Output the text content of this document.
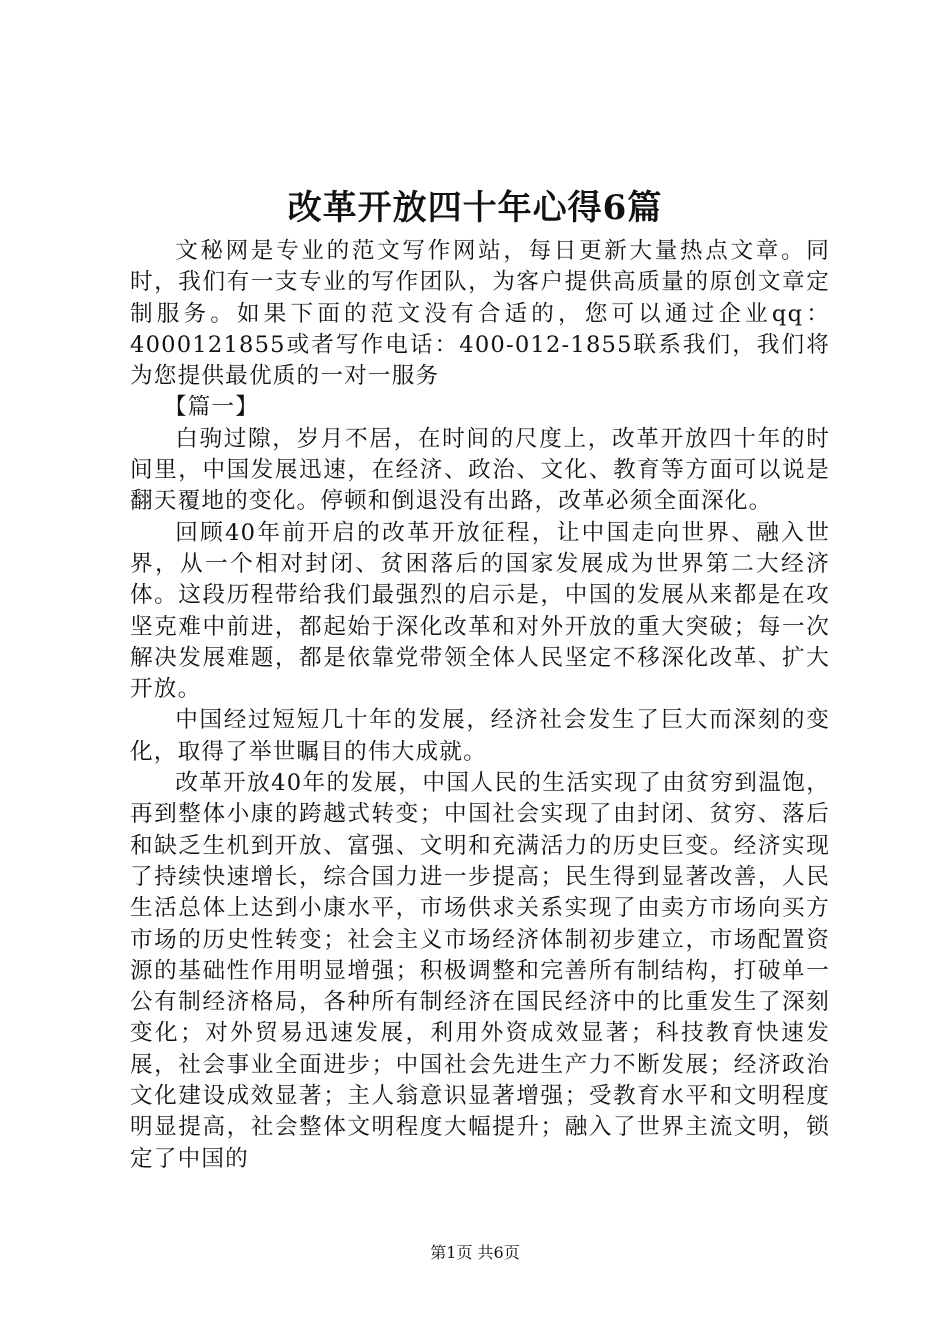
改革开放四十年心得6篇

文秘网是专业的范文写作网站，每日更新大量热点文章。同时，我们有一支专业的写作团队，为客户提供高质量的原创文章定制服务。如果下面的范文没有合适的，您可以通过企业qq：4000121855或者写作电话：400-012-1855联系我们，我们将为您提供最优质的一对一服务

【篇一】

白驹过隙，岁月不居，在时间的尺度上，改革开放四十年的时间里，中国发展迅速，在经济、政治、文化、教育等方面可以说是翻天覆地的变化。停顿和倒退没有出路，改革必须全面深化。

回顾40年前开启的改革开放征程，让中国走向世界、融入世界，从一个相对封闭、贫困落后的国家发展成为世界第二大经济体。这段历程带给我们最强烈的启示是，中国的发展从来都是在攻坚克难中前进，都起始于深化改革和对外开放的重大突破；每一次解决发展难题，都是依靠党带领全体人民坚定不移深化改革、扩大开放。

中国经过短短几十年的发展，经济社会发生了巨大而深刻的变化，取得了举世瞩目的伟大成就。

改革开放40年的发展，中国人民的生活实现了由贫穷到温饱，再到整体小康的跨越式转变；中国社会实现了由封闭、贫穷、落后和缺乏生机到开放、富强、文明和充满活力的历史巨变。经济实现了持续快速增长，综合国力进一步提高；民生得到显著改善，人民生活总体上达到小康水平，市场供求关系实现了由卖方市场向买方市场的历史性转变；社会主义市场经济体制初步建立，市场配置资源的基础性作用明显增强；积极调整和完善所有制结构，打破单一公有制经济格局，各种所有制经济在国民经济中的比重发生了深刻变化；对外贸易迅速发展，利用外资成效显著；科技教育快速发展，社会事业全面进步；中国社会先进生产力不断发展；经济政治文化建设成效显著；主人翁意识显著增强；受教育水平和文明程度明显提高，社会整体文明程度大幅提升；融入了世界主流文明，锁定了中国的

第1页 共6页
